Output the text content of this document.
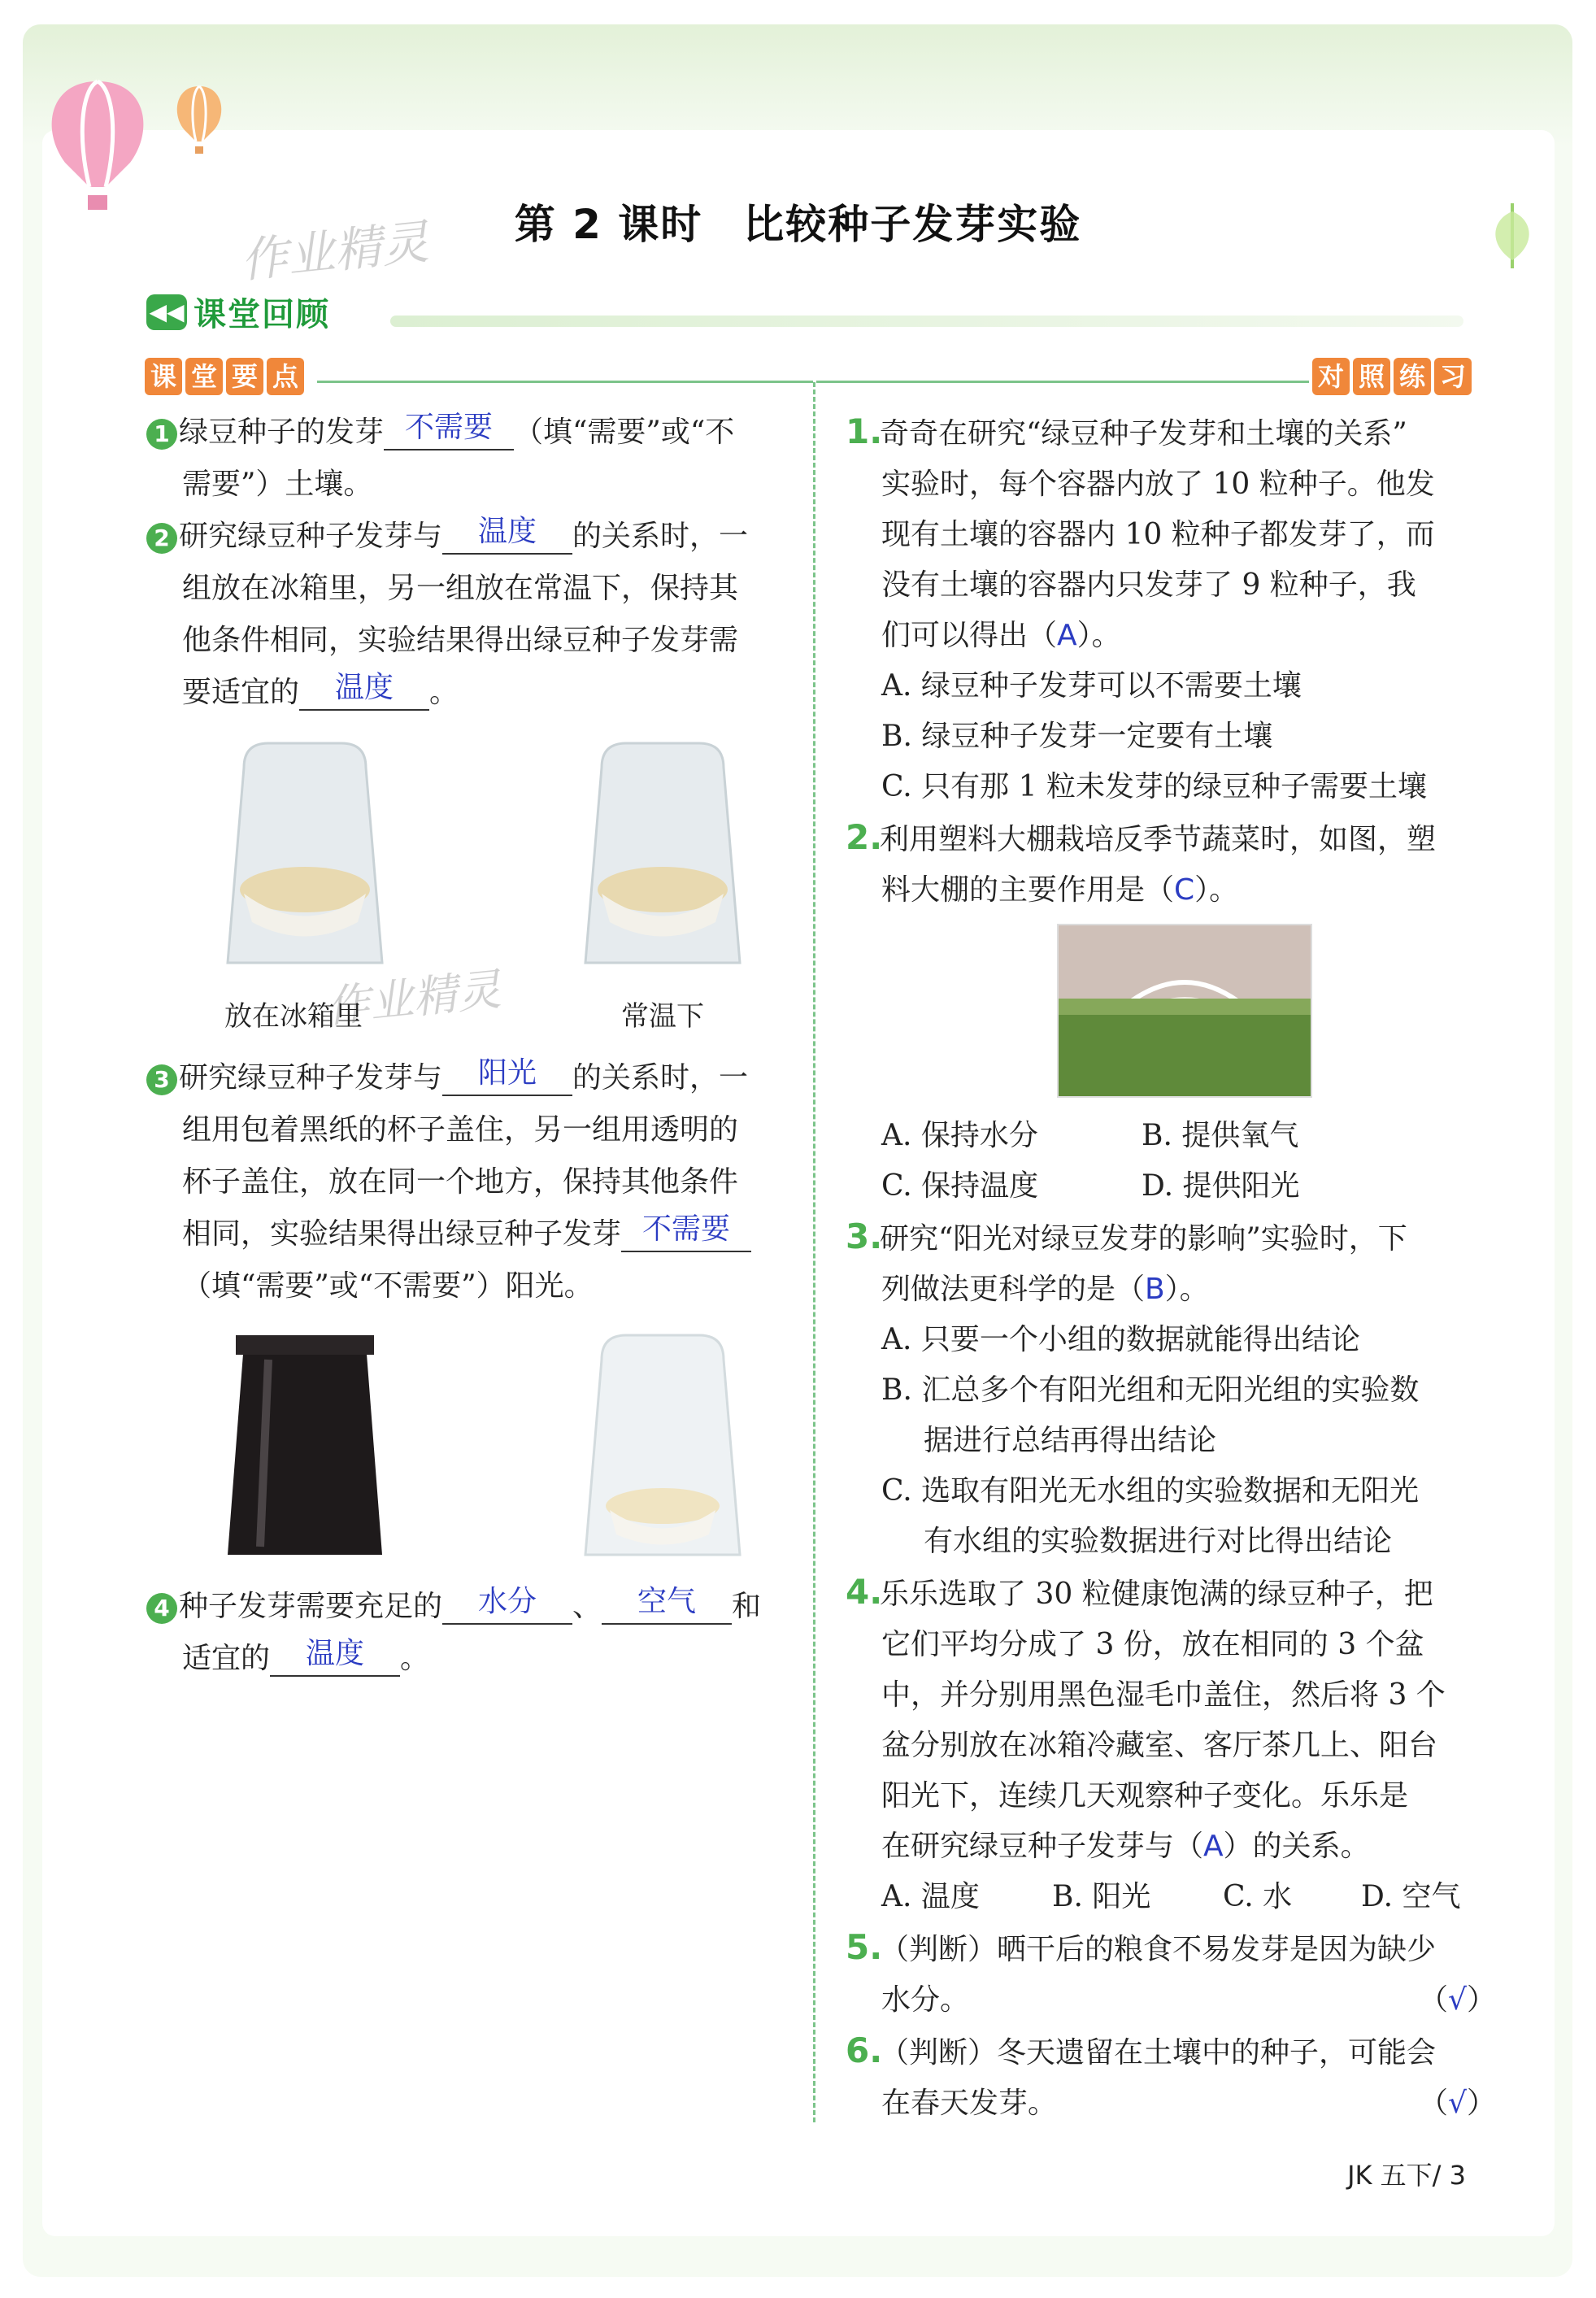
第 2 课时 比较种子发芽实验
作业精灵
作业精灵
◀◀ 课堂回顾
课 堂 要 点	对 照 练 习
1 绿豆种子的发芽 不需要 （填“需要”或“不
需要”）土壤。
2 研究绿豆种子发芽与 温度 的关系时，一
组放在冰箱里，另一组放在常温下，保持其
他条件相同，实验结果得出绿豆种子发芽需
要适宜的 温度 。
放在冰箱里	常温下
3 研究绿豆种子发芽与 阳光 的关系时，一
组用包着黑纸的杯子盖住，另一组用透明的
杯子盖住，放在同一个地方，保持其他条件
相同，实验结果得出绿豆种子发芽 不需要
（填“需要”或“不需要”）阳光。
4 种子发芽需要充足的 水分 、 空气 和
适宜的 温度 。
1.奇奇在研究“绿豆种子发芽和土壤的关系”
实验时，每个容器内放了 10 粒种子。他发
现有土壤的容器内 10 粒种子都发芽了，而
没有土壤的容器内只发芽了 9 粒种子，我
们可以得出（A）。
A. 绿豆种子发芽可以不需要土壤
B. 绿豆种子发芽一定要有土壤
C. 只有那 1 粒未发芽的绿豆种子需要土壤
2.利用塑料大棚栽培反季节蔬菜时，如图，塑
料大棚的主要作用是（C）。
A. 保持水分	B. 提供氧气
C. 保持温度	D. 提供阳光
3.研究“阳光对绿豆发芽的影响”实验时，下
列做法更科学的是（B）。
A. 只要一个小组的数据就能得出结论
B. 汇总多个有阳光组和无阳光组的实验数
据进行总结再得出结论
C. 选取有阳光无水组的实验数据和无阳光
有水组的实验数据进行对比得出结论
4.乐乐选取了 30 粒健康饱满的绿豆种子，把
它们平均分成了 3 份，放在相同的 3 个盆
中，并分别用黑色湿毛巾盖住，然后将 3 个
盆分别放在冰箱冷藏室、客厅茶几上、阳台
阳光下，连续几天观察种子变化。乐乐是
在研究绿豆种子发芽与（A）的关系。
A. 温度	B. 阳光	C. 水	D. 空气
5.（判断）晒干后的粮食不易发芽是因为缺少
水分。	（√）
6.（判断）冬天遗留在土壤中的种子，可能会
在春天发芽。	（√）
JK 五下/ 3
